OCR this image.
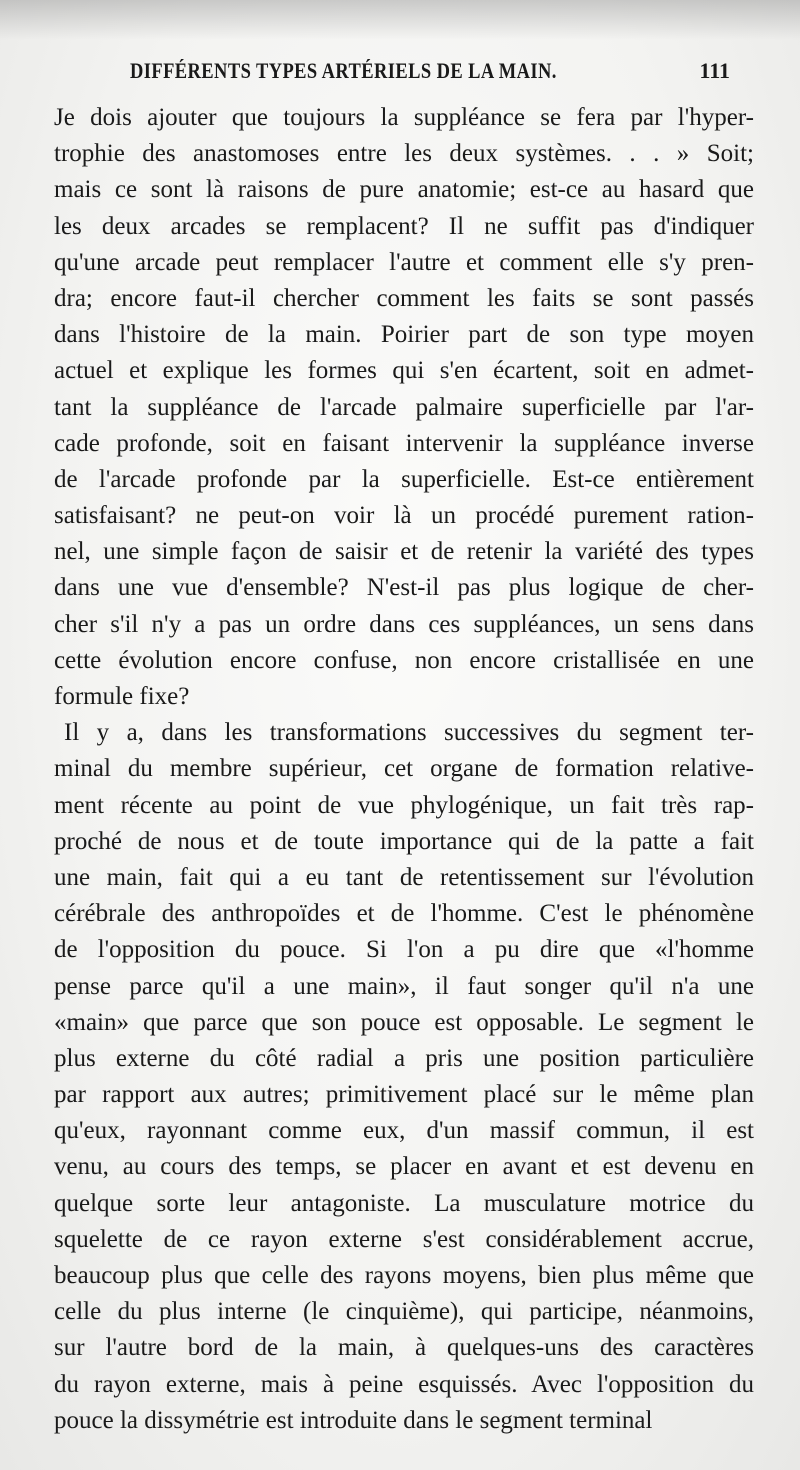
DIFFÉRENTS TYPES ARTÉRIELS DE LA MAIN.	111
Je dois ajouter que toujours la suppléance se fera par l'hyper-
trophie des anastomoses entre les deux systèmes. . . » Soit;
mais ce sont là raisons de pure anatomie; est-ce au hasard que
les deux arcades se remplacent? Il ne suffit pas d'indiquer
qu'une arcade peut remplacer l'autre et comment elle s'y pren-
dra; encore faut-il chercher comment les faits se sont passés
dans l'histoire de la main. Poirier part de son type moyen
actuel et explique les formes qui s'en écartent, soit en admet-
tant la suppléance de l'arcade palmaire superficielle par l'ar-
cade profonde, soit en faisant intervenir la suppléance inverse
de l'arcade profonde par la superficielle. Est-ce entièrement
satisfaisant? ne peut-on voir là un procédé purement ration-
nel, une simple façon de saisir et de retenir la variété des types
dans une vue d'ensemble? N'est-il pas plus logique de cher-
cher s'il n'y a pas un ordre dans ces suppléances, un sens dans
cette évolution encore confuse, non encore cristallisée en une
formule fixe?
Il y a, dans les transformations successives du segment ter-
minal du membre supérieur, cet organe de formation relative-
ment récente au point de vue phylogénique, un fait très rap-
proché de nous et de toute importance qui de la patte a fait
une main, fait qui a eu tant de retentissement sur l'évolution
cérébrale des anthropoïdes et de l'homme. C'est le phénomène
de l'opposition du pouce. Si l'on a pu dire que «l'homme
pense parce qu'il a une main», il faut songer qu'il n'a une
«main» que parce que son pouce est opposable. Le segment le
plus externe du côté radial a pris une position particulière
par rapport aux autres; primitivement placé sur le même plan
qu'eux, rayonnant comme eux, d'un massif commun, il est
venu, au cours des temps, se placer en avant et est devenu en
quelque sorte leur antagoniste. La musculature motrice du
squelette de ce rayon externe s'est considérablement accrue,
beaucoup plus que celle des rayons moyens, bien plus même que
celle du plus interne (le cinquième), qui participe, néanmoins,
sur l'autre bord de la main, à quelques-uns des caractères
du rayon externe, mais à peine esquissés. Avec l'opposition du
pouce la dissymétrie est introduite dans le segment terminal
